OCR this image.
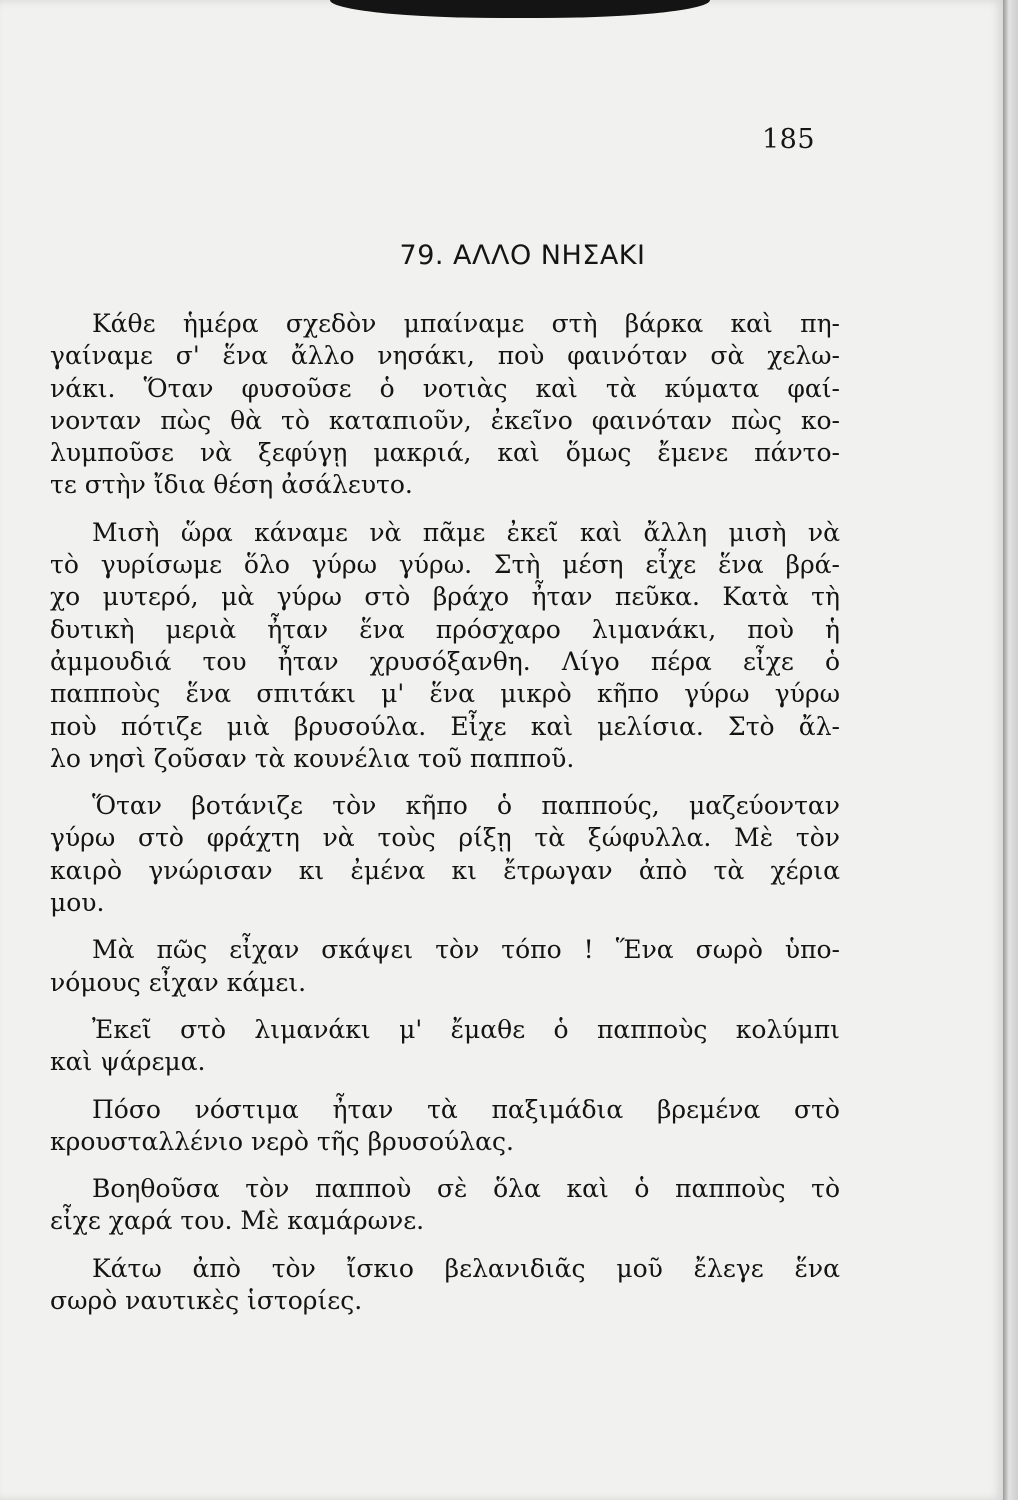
185
79. ΑΛΛΟ ΝΗΣΑΚΙ
Κάθε ἡμέρα σχεδὸν μπαίναμε στὴ βάρκα καὶ πη-
γαίναμε σ' ἕνα ἄλλο νησάκι, ποὺ φαινόταν σὰ χελω-
νάκι. Ὅταν φυσοῦσε ὁ νοτιὰς καὶ τὰ κύματα φαί-
νονταν πὼς θὰ τὸ καταπιοῦν, ἐκεῖνο φαινόταν πὼς κο-
λυμποῦσε νὰ ξεφύγῃ μακριά, καὶ ὅμως ἔμενε πάντο-
τε στὴν ἴδια θέση ἀσάλευτο.
Μισὴ ὥρα κάναμε νὰ πᾶμε ἐκεῖ καὶ ἄλλη μισὴ νὰ
τὸ γυρίσωμε ὅλο γύρω γύρω. Στὴ μέση εἶχε ἕνα βρά-
χο μυτερό, μὰ γύρω στὸ βράχο ἦταν πεῦκα. Κατὰ τὴ
δυτικὴ μεριὰ ἦταν ἕνα πρόσχαρο λιμανάκι, ποὺ ἡ
ἀμμουδιά του ἦταν χρυσόξανθη. Λίγο πέρα εἶχε ὁ
παπποὺς ἕνα σπιτάκι μ' ἕνα μικρὸ κῆπο γύρω γύρω
ποὺ πότιζε μιὰ βρυσούλα. Εἶχε καὶ μελίσια. Στὸ ἄλ-
λο νησὶ ζοῦσαν τὰ κουνέλια τοῦ παπποῦ.
Ὅταν βοτάνιζε τὸν κῆπο ὁ παππούς, μαζεύονταν
γύρω στὸ φράχτη νὰ τοὺς ρίξῃ τὰ ξώφυλλα. Μὲ τὸν
καιρὸ γνώρισαν κι ἐμένα κι ἔτρωγαν ἀπὸ τὰ χέρια
μου.
Μὰ πῶς εἶχαν σκάψει τὸν τόπο ! Ἕνα σωρὸ ὑπο-
νόμους εἶχαν κάμει.
Ἐκεῖ στὸ λιμανάκι μ' ἔμαθε ὁ παπποὺς κολύμπι
καὶ ψάρεμα.
Πόσο νόστιμα ἦταν τὰ παξιμάδια βρεμένα στὸ
κρουσταλλένιο νερὸ τῆς βρυσούλας.
Βοηθοῦσα τὸν παπποὺ σὲ ὅλα καὶ ὁ παπποὺς τὸ
εἶχε χαρά του. Μὲ καμάρωνε.
Κάτω ἀπὸ τὸν ἴσκιο βελανιδιᾶς μοῦ ἔλεγε ἕνα
σωρὸ ναυτικὲς ἱστορίες.
